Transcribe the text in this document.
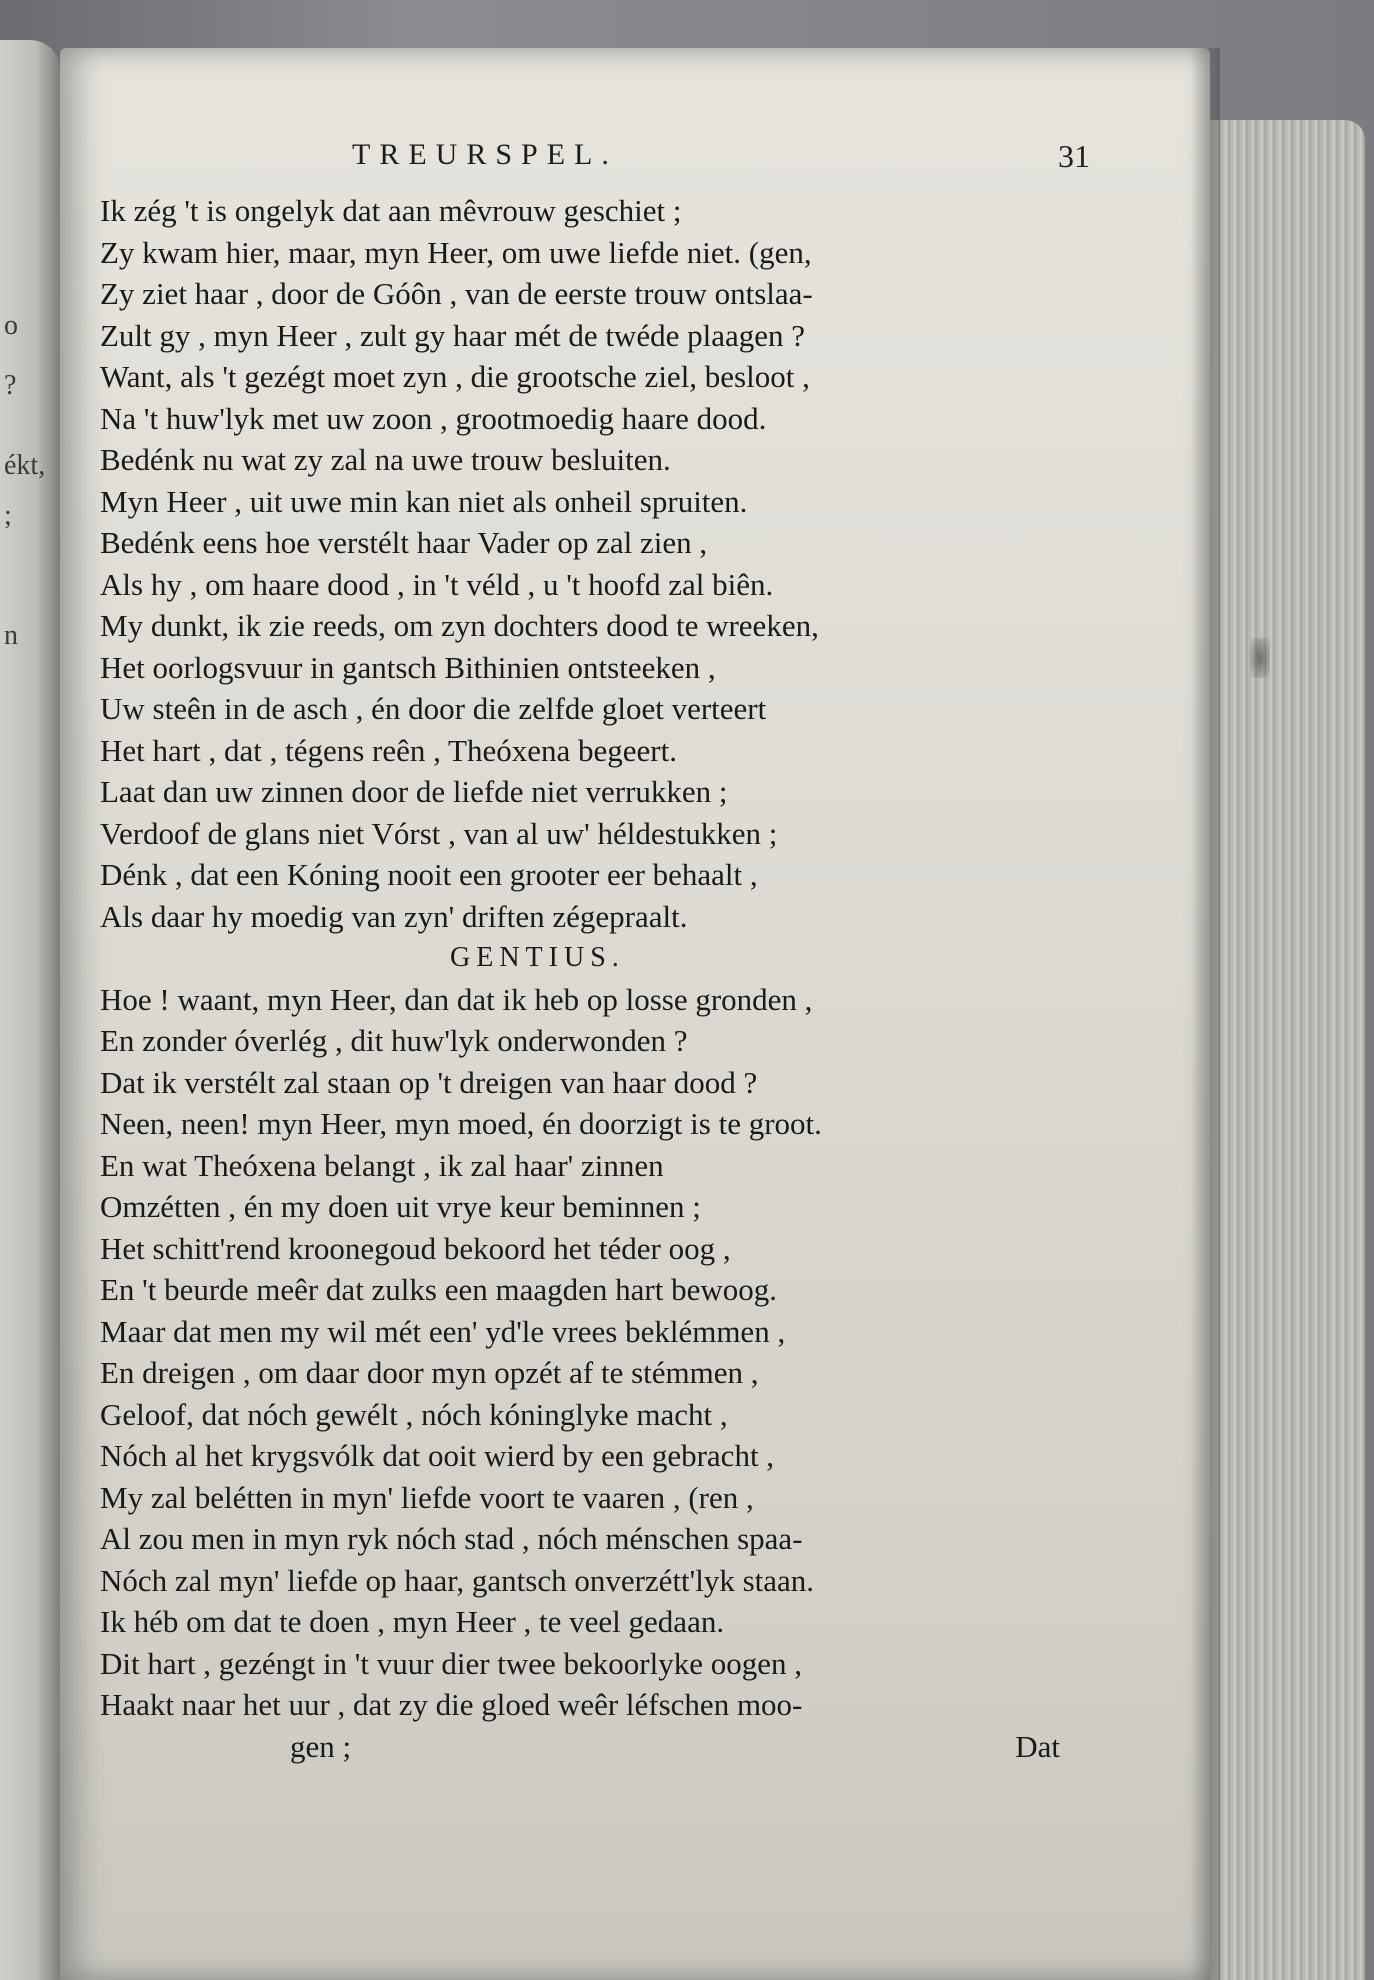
o
?
ékt,
;
n
TREURSPEL.	31
Ik zég 't is ongelyk dat aan mêvrouw geschiet ;
Zy kwam hier, maar, myn Heer, om uwe liefde niet. (gen,
Zy ziet haar , door de Góôn , van de eerste trouw ontslaa-
Zult gy , myn Heer , zult gy haar mét de twéde plaagen ?
Want, als 't gezégt moet zyn , die grootsche ziel, besloot ,
Na 't huw'lyk met uw zoon , grootmoedig haare dood.
Bedénk nu wat zy zal na uwe trouw besluiten.
Myn Heer , uit uwe min kan niet als onheil spruiten.
Bedénk eens hoe verstélt haar Vader op zal zien ,
Als hy , om haare dood , in 't véld , u 't hoofd zal biên.
My dunkt, ik zie reeds, om zyn dochters dood te wreeken,
Het oorlogsvuur in gantsch Bithinien ontsteeken ,
Uw steên in de asch , én door die zelfde gloet verteert
Het hart , dat , tégens reên , Theóxena begeert.
Laat dan uw zinnen door de liefde niet verrukken ;
Verdoof de glans niet Vórst , van al uw' héldestukken ;
Dénk , dat een Kóning nooit een grooter eer behaalt ,
Als daar hy moedig van zyn' driften zégepraalt.
GENTIUS.
Hoe ! waant, myn Heer, dan dat ik heb op losse gronden ,
En zonder óverlég , dit huw'lyk onderwonden ?
Dat ik verstélt zal staan op 't dreigen van haar dood ?
Neen, neen! myn Heer, myn moed, én doorzigt is te groot.
En wat Theóxena belangt , ik zal haar' zinnen
Omzétten , én my doen uit vrye keur beminnen ;
Het schitt'rend kroonegoud bekoord het téder oog ,
En 't beurde meêr dat zulks een maagden hart bewoog.
Maar dat men my wil mét een' yd'le vrees beklémmen ,
En dreigen , om daar door myn opzét af te stémmen ,
Geloof, dat nóch gewélt , nóch kóninglyke macht ,
Nóch al het krygsvólk dat ooit wierd by een gebracht ,
My zal belétten in myn' liefde voort te vaaren , (ren ,
Al zou men in myn ryk nóch stad , nóch ménschen spaa-
Nóch zal myn' liefde op haar, gantsch onverzétt'lyk staan.
Ik héb om dat te doen , myn Heer , te veel gedaan.
Dit hart , gezéngt in 't vuur dier twee bekoorlyke oogen ,
Haakt naar het uur , dat zy die gloed weêr léfschen moo-
gen ;	Dat
